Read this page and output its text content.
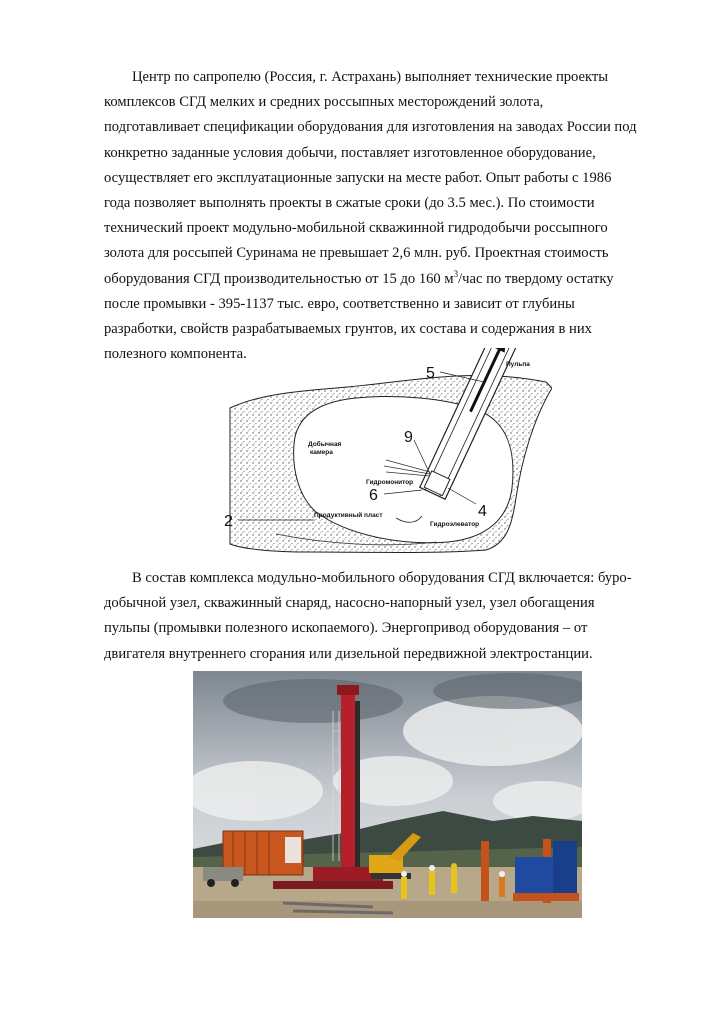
Центр по сапропелю (Россия, г. Астрахань) выполняет технические проекты комплексов СГД мелких и средних россыпных месторождений золота, подготавливает спецификации оборудования для изготовления на заводах России под конкретно заданные условия добычи, поставляет изготовленное оборудование, осуществляет его эксплуатационные запуски на месте работ. Опыт работы с 1986 года позволяет выполнять проекты в сжатые сроки (до 3.5 мес.). По стоимости технический проект модульно-мобильной скважинной гидродобычи россыпного золота для россыпей Суринама не превышает 2,6 млн. руб. Проектная стоимость оборудования СГД производительностью от 15 до 160 $м^3$/час по твердому остатку после промывки - 395-1137 тыс. евро, соответственно и зависит от глубины разработки, свойств разрабатываемых грунтов, их состава и содержания в них полезного компонента.

Пульпа
Добычная
камера
Гидромонитор
Гидроэлеватор
Продуктивный пласт
5
9
6
4
2

В состав комплекса модульно-мобильного оборудования СГД включается: буро-добычной узел, скважинный снаряд, насосно-напорный узел, узел обогащения пульпы (промывки полезного ископаемого). Энергопривод оборудования – от двигателя внутреннего сгорания или дизельной передвижной электростанции.
